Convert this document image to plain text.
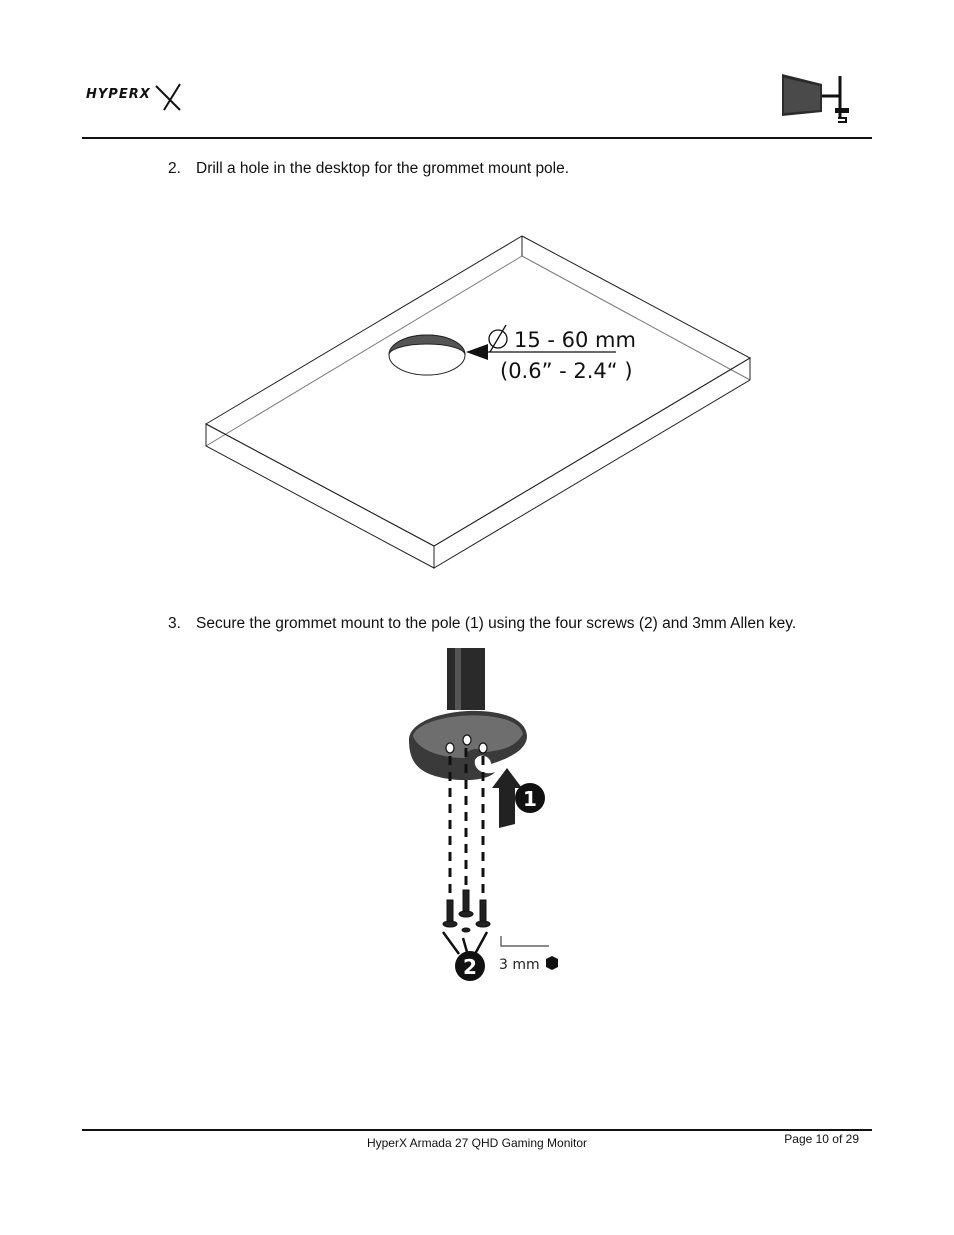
HYPERX
2. Drill a hole in the desktop for the grommet mount pole.
15 - 60 mm
(0.6” - 2.4“ )
3. Secure the grommet mount to the pole (1) using the four screws (2) and 3mm Allen key.
1
2 3 mm
HyperX Armada 27 QHD Gaming Monitor	Page 10 of 29
